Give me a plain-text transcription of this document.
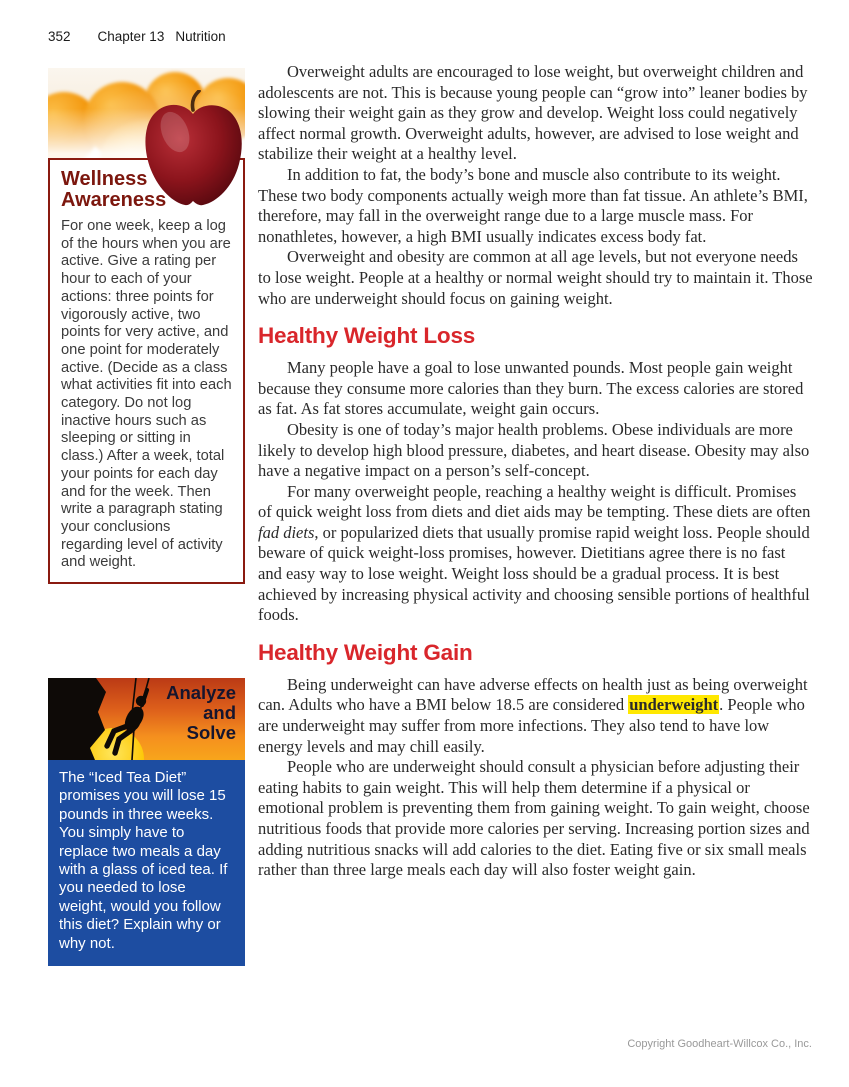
352 Chapter 13 Nutrition
Wellness Awareness
For one week, keep a log of the hours when you are active. Give a rating per hour to each of your actions: three points for vigorously active, two points for very active, and one point for moderately active. (Decide as a class what activities fit into each category. Do not log inactive hours such as sleeping or sitting in class.) After a week, total your points for each day and for the week. Then write a paragraph stating your conclusions regarding level of activity and weight.
Analyze
and
Solve
The “Iced Tea Diet” promises you will lose 15 pounds in three weeks. You simply have to replace two meals a day with a glass of iced tea. If you needed to lose weight, would you follow this diet? Explain why or why not.

Overweight adults are encouraged to lose weight, but overweight children and adolescents are not. This is because young people can “grow into” leaner bodies by slowing their weight gain as they grow and develop. Weight loss could negatively affect normal growth. Overweight adults, however, are advised to lose weight and stabilize their weight at a healthy level.

In addition to fat, the body’s bone and muscle also contribute to its weight. These two body components actually weigh more than fat tissue. An athlete’s BMI, therefore, may fall in the overweight range due to a large muscle mass. For nonathletes, however, a high BMI usually indicates excess body fat.

Overweight and obesity are common at all age levels, but not everyone needs to lose weight. People at a healthy or normal weight should try to maintain it. Those who are underweight should focus on gaining weight.

Healthy Weight Loss

Many people have a goal to lose unwanted pounds. Most people gain weight because they consume more calories than they burn. The excess calories are stored as fat. As fat stores accumulate, weight gain occurs.

Obesity is one of today’s major health problems. Obese individuals are more likely to develop high blood pressure, diabetes, and heart disease. Obesity may also have a negative impact on a person’s self-concept.

For many overweight people, reaching a healthy weight is difficult. Promises of quick weight loss from diets and diet aids may be tempting. These diets are often fad diets, or popularized diets that usually promise rapid weight loss. People should beware of quick weight-loss promises, however. Dietitians agree there is no fast and easy way to lose weight. Weight loss should be a gradual process. It is best achieved by increasing physical activity and choosing sensible portions of healthful foods.

Healthy Weight Gain

Being underweight can have adverse effects on health just as being overweight can. Adults who have a BMI below 18.5 are considered underweight. People who are underweight may suffer from more infections. They also tend to have low energy levels and may chill easily.

People who are underweight should consult a physician before adjusting their eating habits to gain weight. This will help them determine if a physical or emotional problem is preventing them from gaining weight. To gain weight, choose nutritious foods that provide more calories per serving. Increasing portion sizes and adding nutritious snacks will add calories to the diet. Eating five or six small meals rather than three large meals each day will also foster weight gain.

Copyright Goodheart-Willcox Co., Inc.
